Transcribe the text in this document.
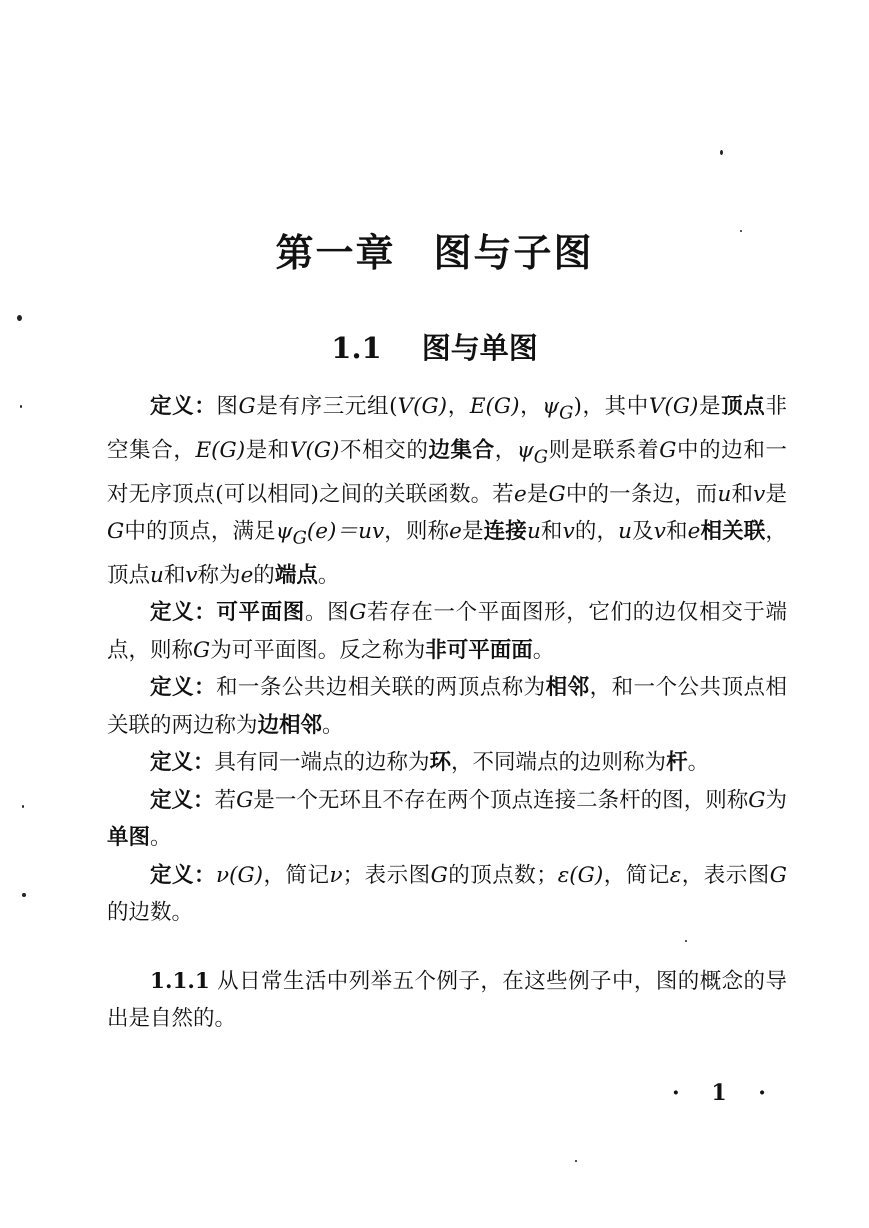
第一章 图与子图
1.1 图与单图

定义：图G是有序三元组(V(G)，E(G)，$\psi_G$)，其中V(G)是顶点非空集合，E(G)是和V(G)不相交的边集合，$\psi_G$则是联系着G中的边和一对无序顶点(可以相同)之间的关联函数。若e是G中的一条边，而u和v是G中的顶点，满足$\psi_G(e)=uv$，则称e是连接u和v的，u及v和e相关联，顶点u和v称为e的端点。

定义：可平面图。图G若存在一个平面图形，它们的边仅相交于端点，则称G为可平面图。反之称为非可平面面。

定义：和一条公共边相关联的两顶点称为相邻，和一个公共顶点相关联的两边称为边相邻。

定义：具有同一端点的边称为环，不同端点的边则称为杆。

定义：若G是一个无环且不存在两个顶点连接二条杆的图，则称G为单图。

定义：ν(G)，简记ν；表示图G的顶点数；ε(G)，简记ε，表示图G的边数。

1.1.1 从日常生活中列举五个例子，在这些例子中，图的概念的导出是自然的。

· 1 ·
